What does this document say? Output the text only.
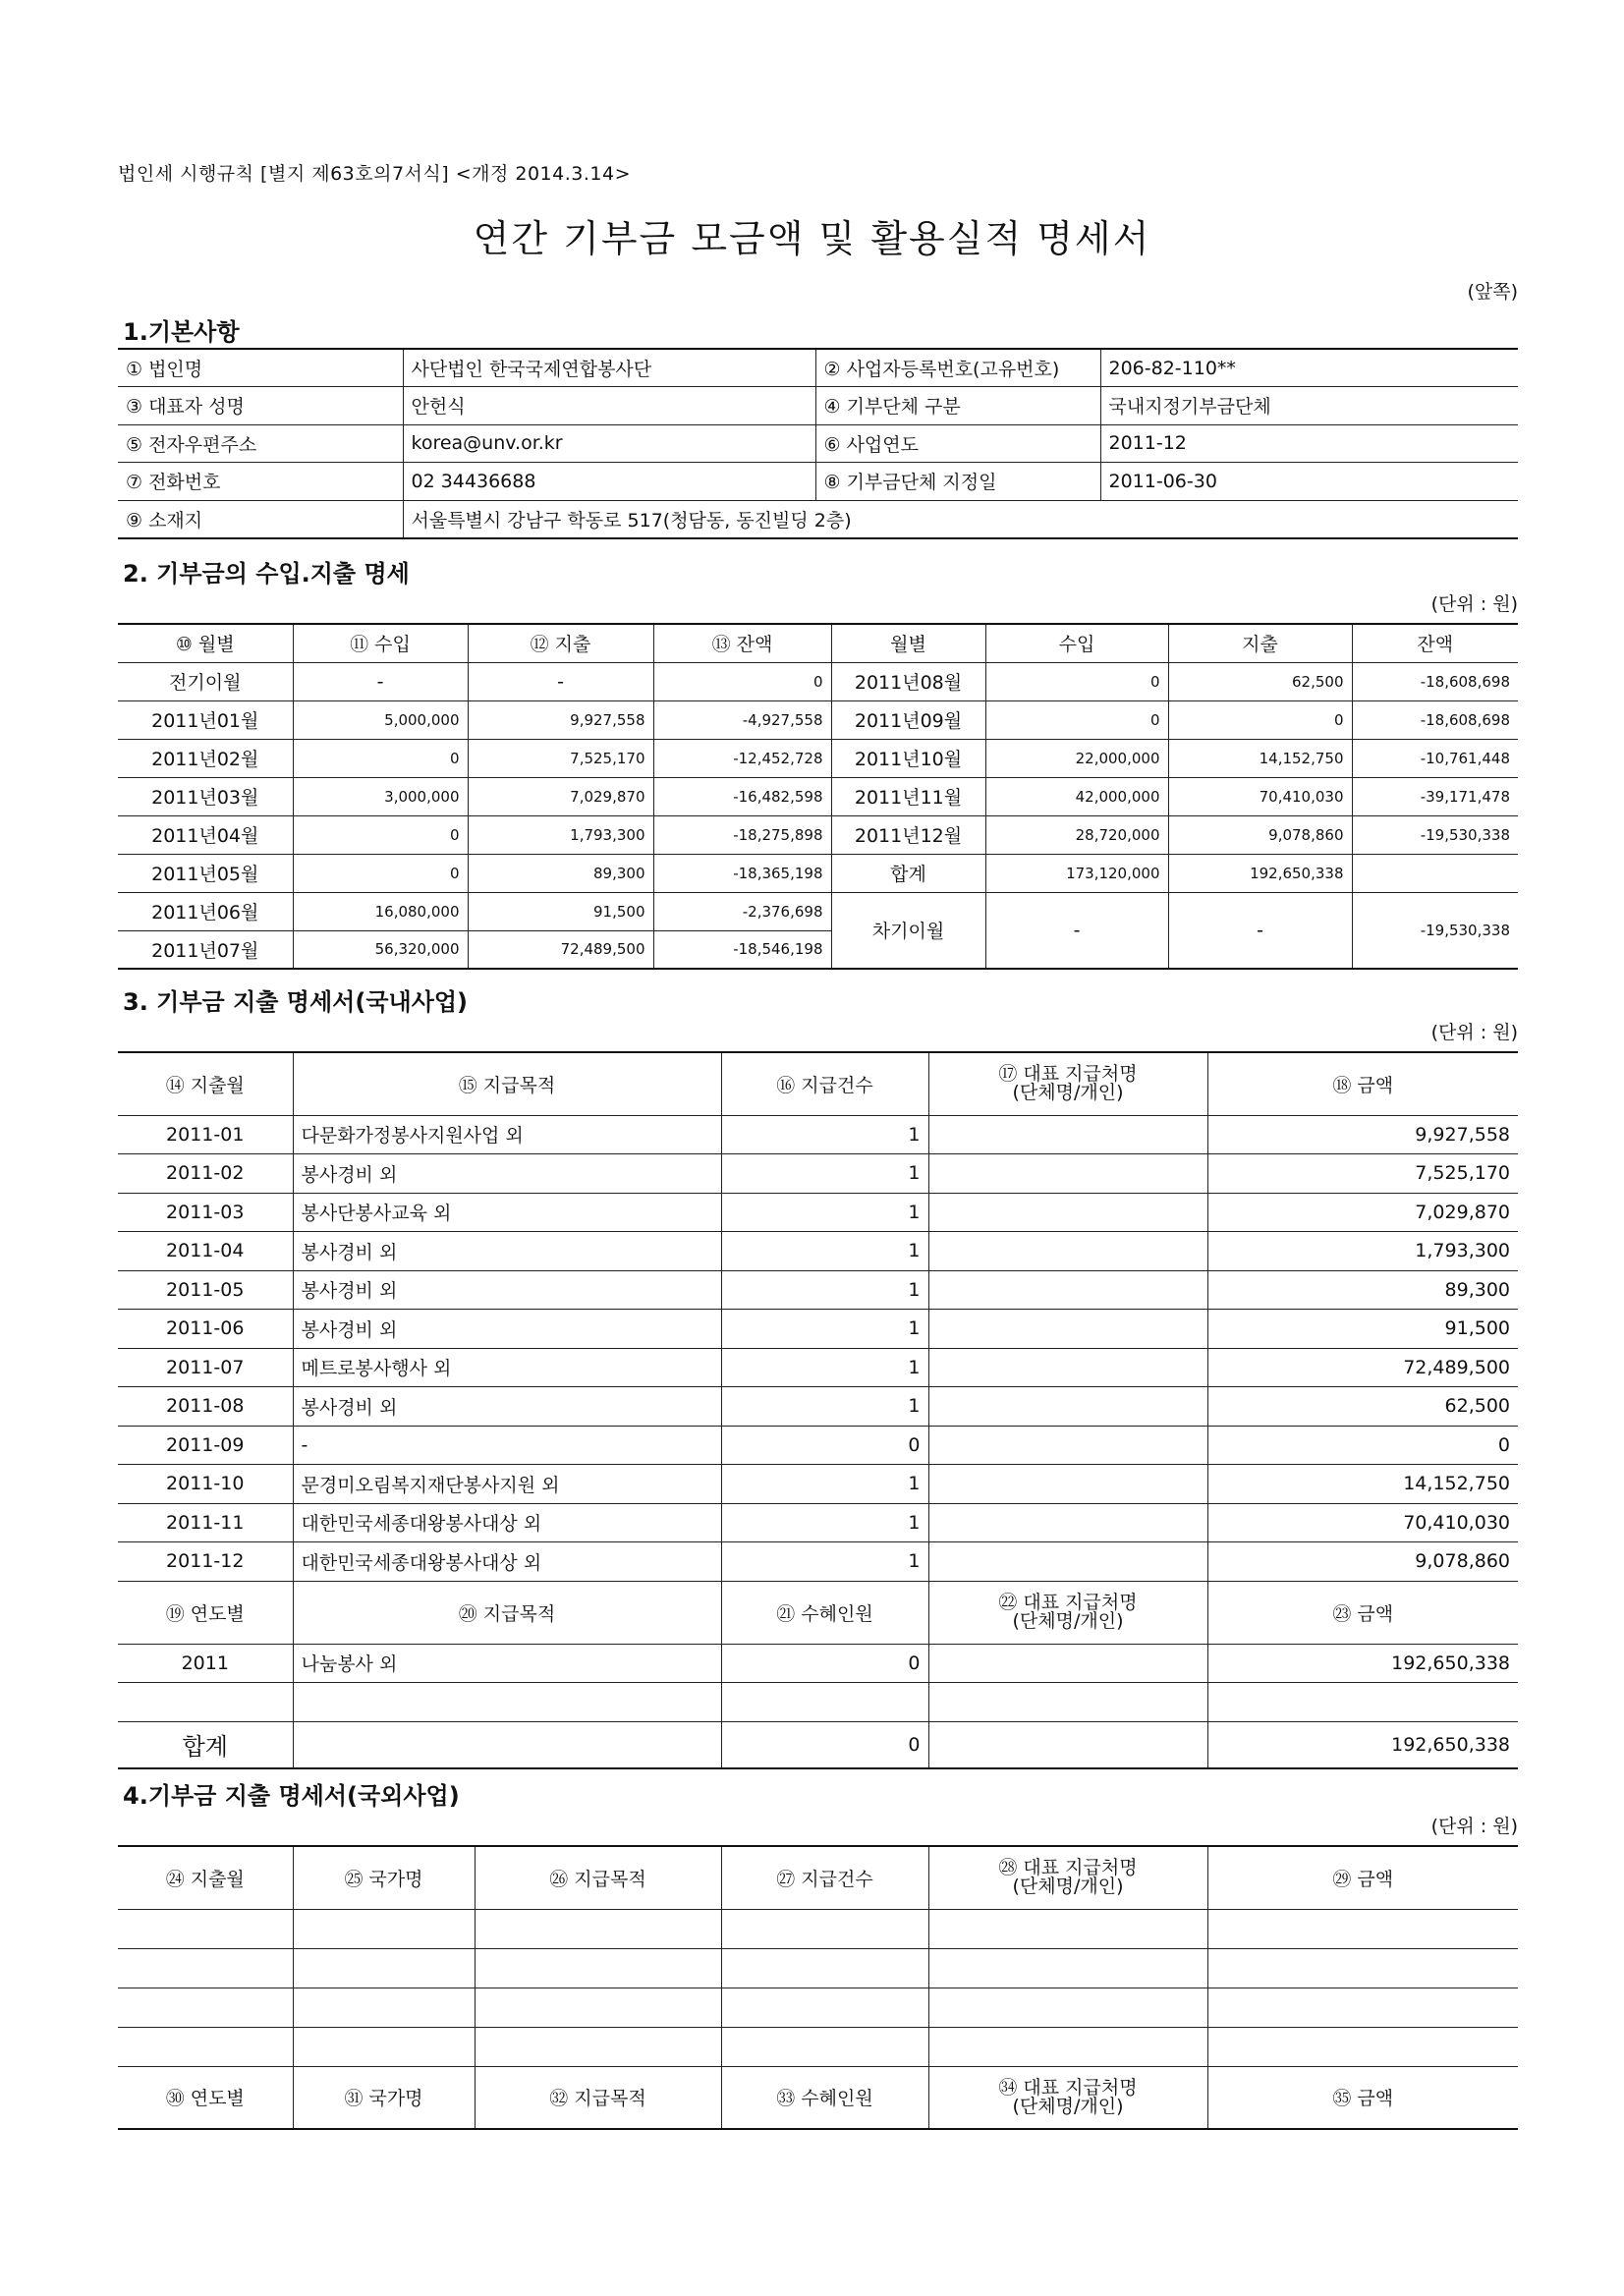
법인세 시행규칙 [별지 제63호의7서식] <개정 2014.3.14>
연간 기부금 모금액 및 활용실적 명세서
(앞쪽)
1.기본사항
① 법인명	사단법인 한국국제연합봉사단	② 사업자등록번호(고유번호)	206-82-110**
③ 대표자 성명	안헌식	④ 기부단체 구분	국내지정기부금단체
⑤ 전자우편주소	korea@unv.or.kr	⑥ 사업연도	2011-12
⑦ 전화번호	02 34436688	⑧ 기부금단체 지정일	2011-06-30
⑨ 소재지	서울특별시 강남구 학동로 517(청담동, 동진빌딩 2층)		
2. 기부금의 수입.지출 명세
(단위 : 원)
⑩ 월별	⑪ 수입	⑫ 지출	⑬ 잔액	월별	수입	지출	잔액
전기이월	-	-	0	2011년08월	0	62,500	-18,608,698
2011년01월	5,000,000	9,927,558	-4,927,558	2011년09월	0	0	-18,608,698
2011년02월	0	7,525,170	-12,452,728	2011년10월	22,000,000	14,152,750	-10,761,448
2011년03월	3,000,000	7,029,870	-16,482,598	2011년11월	42,000,000	70,410,030	-39,171,478
2011년04월	0	1,793,300	-18,275,898	2011년12월	28,720,000	9,078,860	-19,530,338
2011년05월	0	89,300	-18,365,198	합계	173,120,000	192,650,338	
2011년06월	16,080,000	91,500	-2,376,698	차기이월	-	-	-19,530,338
2011년07월	56,320,000	72,489,500	-18,546,198				
3. 기부금 지출 명세서(국내사업)
(단위 : 원)
⑭ 지출월	⑮ 지급목적	⑯ 지급건수	⑰ 대표 지급처명
(단체명/개인)	⑱ 금액
2011-01	다문화가정봉사지원사업 외	1		9,927,558
2011-02	봉사경비 외	1		7,525,170
2011-03	봉사단봉사교육 외	1		7,029,870
2011-04	봉사경비 외	1		1,793,300
2011-05	봉사경비 외	1		89,300
2011-06	봉사경비 외	1		91,500
2011-07	메트로봉사행사 외	1		72,489,500
2011-08	봉사경비 외	1		62,500
2011-09	-	0		0
2011-10	문경미오림복지재단봉사지원 외	1		14,152,750
2011-11	대한민국세종대왕봉사대상 외	1		70,410,030
2011-12	대한민국세종대왕봉사대상 외	1		9,078,860
⑲ 연도별	⑳ 지급목적	㉑ 수혜인원	㉒ 대표 지급처명
(단체명/개인)	㉓ 금액
2011	나눔봉사 외	0		192,650,338

합계		0		192,650,338
4.기부금 지출 명세서(국외사업)
(단위 : 원)
㉔ 지출월	㉕ 국가명	㉖ 지급목적	㉗ 지급건수	㉘ 대표 지급처명
(단체명/개인)	㉙ 금액

㉚ 연도별	㉛ 국가명	㉜ 지급목적	㉝ 수혜인원	㉞ 대표 지급처명
(단체명/개인)	㉟ 금액
